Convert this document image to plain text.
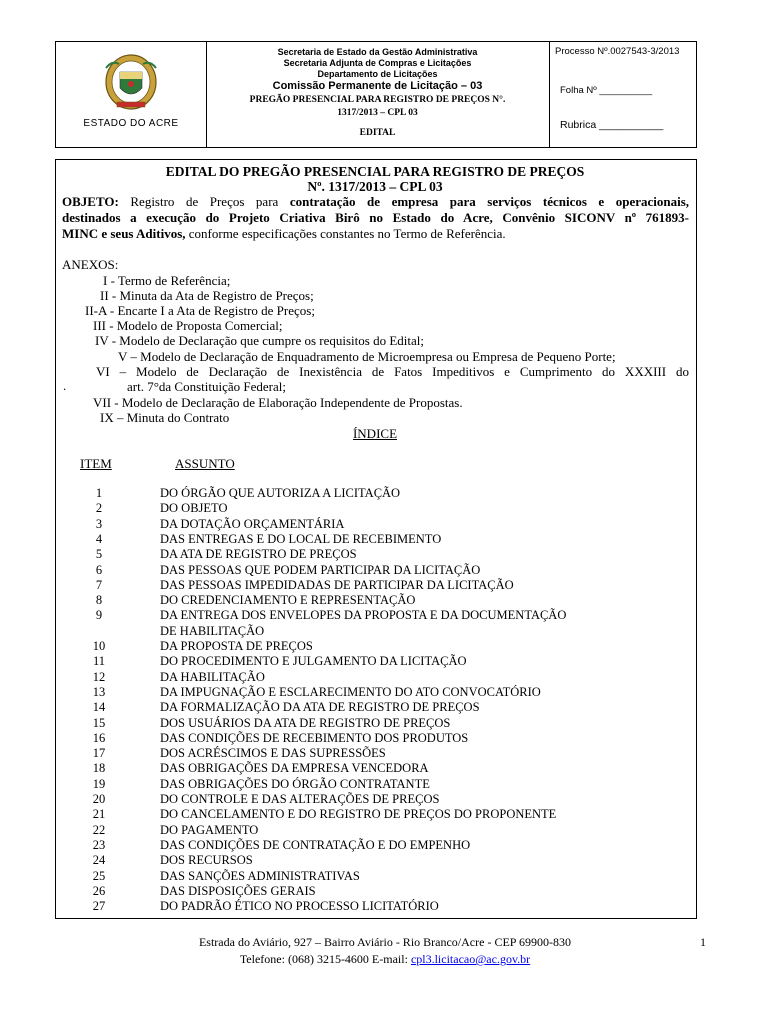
ESTADO DO ACRE
Secretaria de Estado da Gestão Administrativa
Secretaria Adjunta de Compras e Licitações
Departamento de Licitações
Comissão Permanente de Licitação – 03
PREGÃO PRESENCIAL PARA REGISTRO DE PREÇOS N°.
1317/2013 – CPL 03
EDITAL
Processo Nº.0027543-3/2013
Folha Nº __________
Rubrica ___________
EDITAL DO PREGÃO PRESENCIAL PARA REGISTRO DE PREÇOS
Nº. 1317/2013 – CPL 03
OBJETO: Registro de Preços para contratação de empresa para serviços técnicos e operacionais,
destinados a execução do Projeto Criativa Birô no Estado do Acre, Convênio SICONV nº 761893-
MINC e seus Aditivos, conforme especificações constantes no Termo de Referência.
ANEXOS:
I - Termo de Referência;
II - Minuta da Ata de Registro de Preços;
II-A - Encarte I a Ata de Registro de Preços;
III - Modelo de Proposta Comercial;
IV - Modelo de Declaração que cumpre os requisitos do Edital;
V – Modelo de Declaração de Enquadramento de Microempresa ou Empresa de Pequeno Porte;
VI – Modelo de Declaração de Inexistência de Fatos Impeditivos e Cumprimento do XXXIII do
.	art. 7°da Constituição Federal;
VII - Modelo de Declaração de Elaboração Independente de Propostas.
IX – Minuta do Contrato
ÍNDICE
ITEM	ASSUNTO
1	DO ÓRGÃO QUE AUTORIZA A LICITAÇÃO
2	DO OBJETO
3	DA DOTAÇÃO ORÇAMENTÁRIA
4	DAS ENTREGAS E DO LOCAL DE RECEBIMENTO
5	DA ATA DE REGISTRO DE PREÇOS
6	DAS PESSOAS QUE PODEM PARTICIPAR DA LICITAÇÃO
7	DAS PESSOAS IMPEDIDADAS DE PARTICIPAR DA LICITAÇÃO
8	DO CREDENCIAMENTO E REPRESENTAÇÃO
9	DA ENTREGA DOS ENVELOPES DA PROPOSTA E DA DOCUMENTAÇÃO
DE HABILITAÇÃO
10	DA PROPOSTA DE PREÇOS
11	DO PROCEDIMENTO E JULGAMENTO DA LICITAÇÃO
12	DA HABILITAÇÃO
13	DA IMPUGNAÇÃO E ESCLARECIMENTO DO ATO CONVOCATÓRIO
14	DA FORMALIZAÇÃO DA ATA DE REGISTRO DE PREÇOS
15	DOS USUÁRIOS DA ATA DE REGISTRO DE PREÇOS
16	DAS CONDIÇÕES DE RECEBIMENTO DOS PRODUTOS
17	DOS ACRÉSCIMOS E DAS SUPRESSÕES
18	DAS OBRIGAÇÕES DA EMPRESA VENCEDORA
19	DAS OBRIGAÇÕES DO ÓRGÃO CONTRATANTE
20	DO CONTROLE E DAS ALTERAÇÕES DE PREÇOS
21	DO CANCELAMENTO E DO REGISTRO DE PREÇOS DO PROPONENTE
22	DO PAGAMENTO
23	DAS CONDIÇÕES DE CONTRATAÇÃO E DO EMPENHO
24	DOS RECURSOS
25	DAS SANÇÕES ADMINISTRATIVAS
26	DAS DISPOSIÇÕES GERAIS
27	DO PADRÃO ÉTICO NO PROCESSO LICITATÓRIO
Estrada do Aviário, 927 – Bairro Aviário - Rio Branco/Acre - CEP 69900-830
Telefone: (068) 3215-4600 E-mail: cpl3.licitacao@ac.gov.br
1
